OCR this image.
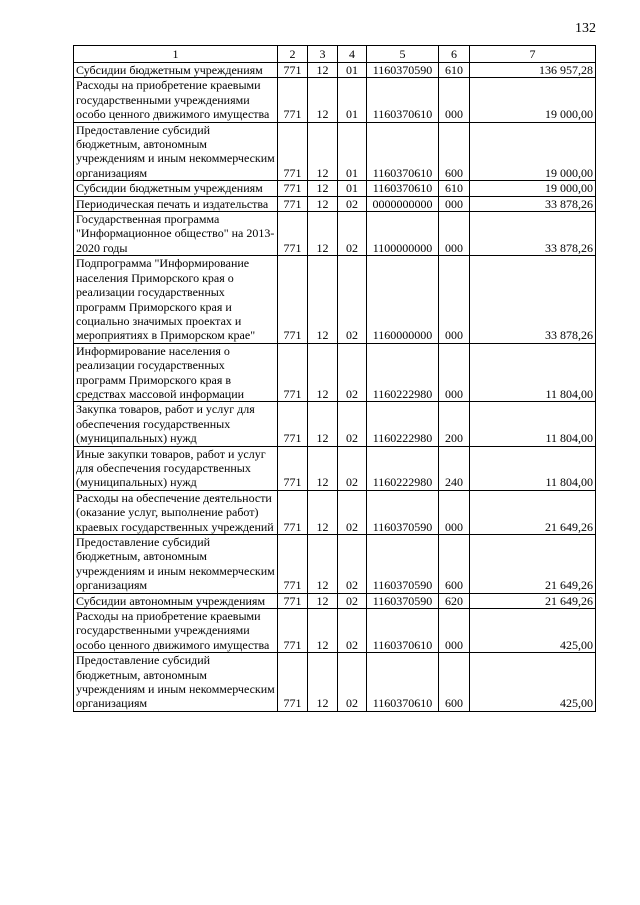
132
1	2	3	4	5	6	7
Субсидии бюджетным учреждениям	771	12	01	1160370590	610	136 957,28
Расходы на приобретение краевыми государственными учреждениями особо ценного движимого имущества	771	12	01	1160370610	000	19 000,00
Предоставление субсидий бюджетным, автономным учреждениям и иным некоммерческим организациям	771	12	01	1160370610	600	19 000,00
Субсидии бюджетным учреждениям	771	12	01	1160370610	610	19 000,00
Периодическая печать и издательства	771	12	02	0000000000	000	33 878,26
Государственная программа "Информационное общество" на 2013-2020 годы	771	12	02	1100000000	000	33 878,26
Подпрограмма "Информирование населения Приморского края о реализации государственных программ Приморского края и социально значимых проектах и мероприятиях в Приморском крае"	771	12	02	1160000000	000	33 878,26
Информирование населения о реализации государственных программ Приморского края в средствах массовой информации	771	12	02	1160222980	000	11 804,00
Закупка товаров, работ и услуг для обеспечения государственных (муниципальных) нужд	771	12	02	1160222980	200	11 804,00
Иные закупки товаров, работ и услуг для обеспечения государственных (муниципальных) нужд	771	12	02	1160222980	240	11 804,00
Расходы на обеспечение деятельности (оказание услуг, выполнение работ) краевых государственных учреждений	771	12	02	1160370590	000	21 649,26
Предоставление субсидий бюджетным, автономным учреждениям и иным некоммерческим организациям	771	12	02	1160370590	600	21 649,26
Субсидии автономным учреждениям	771	12	02	1160370590	620	21 649,26
Расходы на приобретение краевыми государственными учреждениями особо ценного движимого имущества	771	12	02	1160370610	000	425,00
Предоставление субсидий бюджетным, автономным учреждениям и иным некоммерческим организациям	771	12	02	1160370610	600	425,00
